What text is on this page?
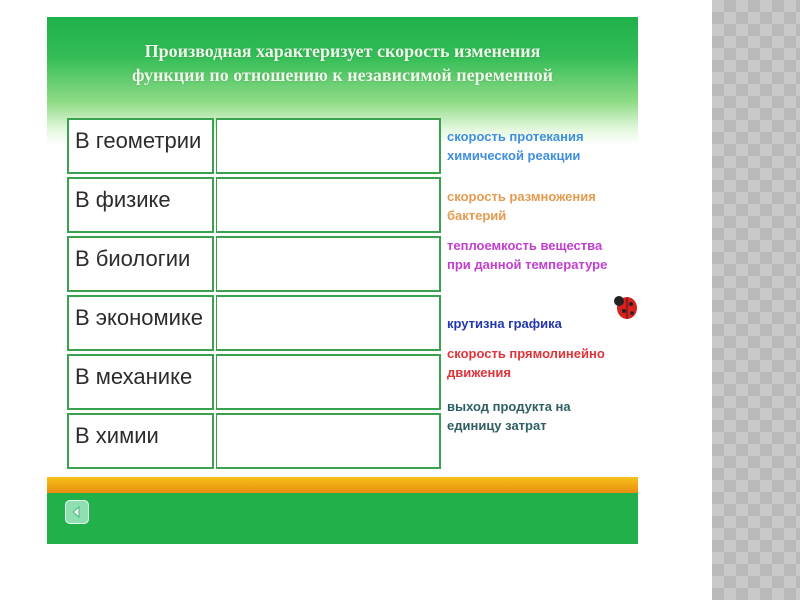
Производная характеризует скорость изменения
функции по отношению к независимой переменной
В геометрии
В физике
В биологии
В экономике
В механике
В химии
скорость протекания
химической реакции
скорость размножения
бактерий
теплоемкость вещества
при данной температуре
крутизна графика
скорость прямолинейно
движения
выход продукта на
единицу затрат
